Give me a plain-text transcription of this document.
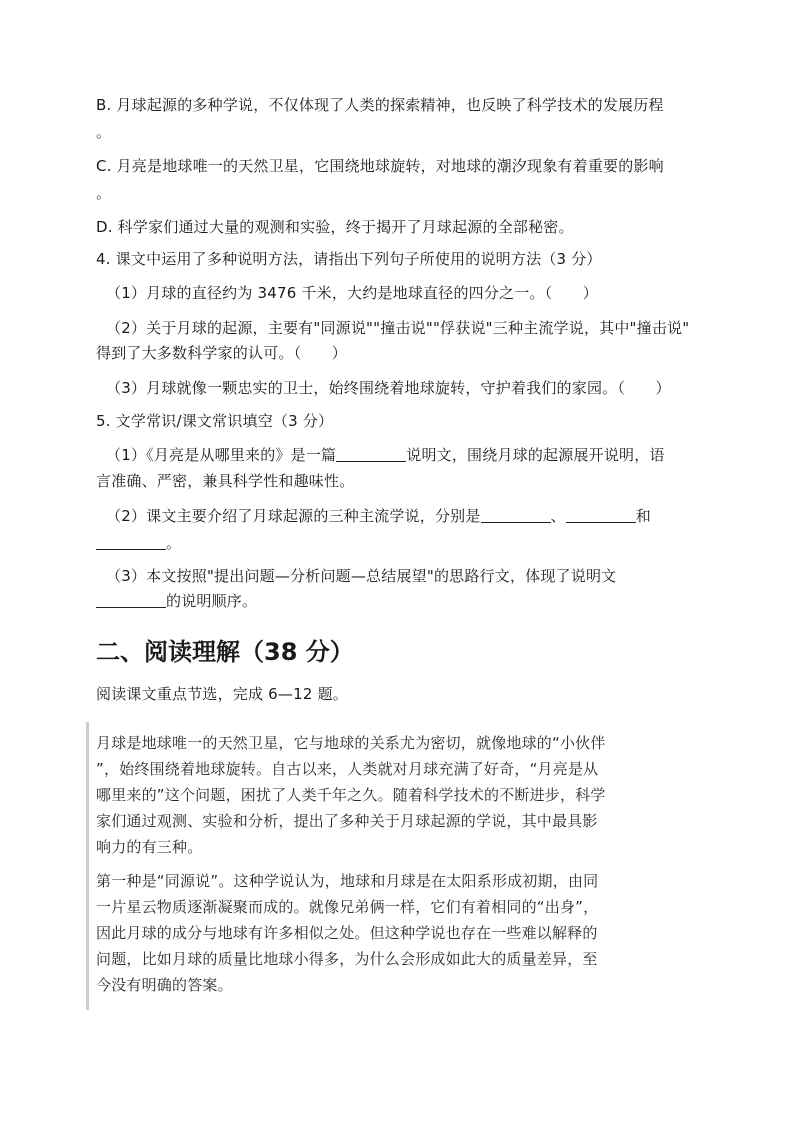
B. 月球起源的多种学说，不仅体现了人类的探索精神，也反映了科学技术的发展历程

。

C. 月亮是地球唯一的天然卫星，它围绕地球旋转，对地球的潮汐现象有着重要的影响

。

D. 科学家们通过大量的观测和实验，终于揭开了月球起源的全部秘密。

4. 课文中运用了多种说明方法，请指出下列句子所使用的说明方法（3 分）

（1）月球的直径约为 3476 千米，大约是地球直径的四分之一。（　　）

（2）关于月球的起源，主要有"同源说""撞击说""俘获说"三种主流学说，其中"撞击说"

得到了大多数科学家的认可。（　　）

（3）月球就像一颗忠实的卫士，始终围绕着地球旋转，守护着我们的家园。（　　）

5. 文学常识/课文常识填空（3 分）

（1）《月亮是从哪里来的》是一篇	说明文，围绕月球的起源展开说明，语

言准确、严密，兼具科学性和趣味性。

（2）课文主要介绍了月球起源的三种主流学说，分别是	、	和

。

（3）本文按照"提出问题—分析问题—总结展望"的思路行文，体现了说明文

的说明顺序。

二、阅读理解（38 分）

阅读课文重点节选，完成 6—12 题。

月球是地球唯一的天然卫星，它与地球的关系尤为密切，就像地球的“小伙伴

”，始终围绕着地球旋转。自古以来，人类就对月球充满了好奇，“月亮是从

哪里来的”这个问题，困扰了人类千年之久。随着科学技术的不断进步，科学

家们通过观测、实验和分析，提出了多种关于月球起源的学说，其中最具影

响力的有三种。

第一种是“同源说”。这种学说认为，地球和月球是在太阳系形成初期，由同

一片星云物质逐渐凝聚而成的。就像兄弟俩一样，它们有着相同的“出身”，

因此月球的成分与地球有许多相似之处。但这种学说也存在一些难以解释的

问题，比如月球的质量比地球小得多，为什么会形成如此大的质量差异，至

今没有明确的答案。
